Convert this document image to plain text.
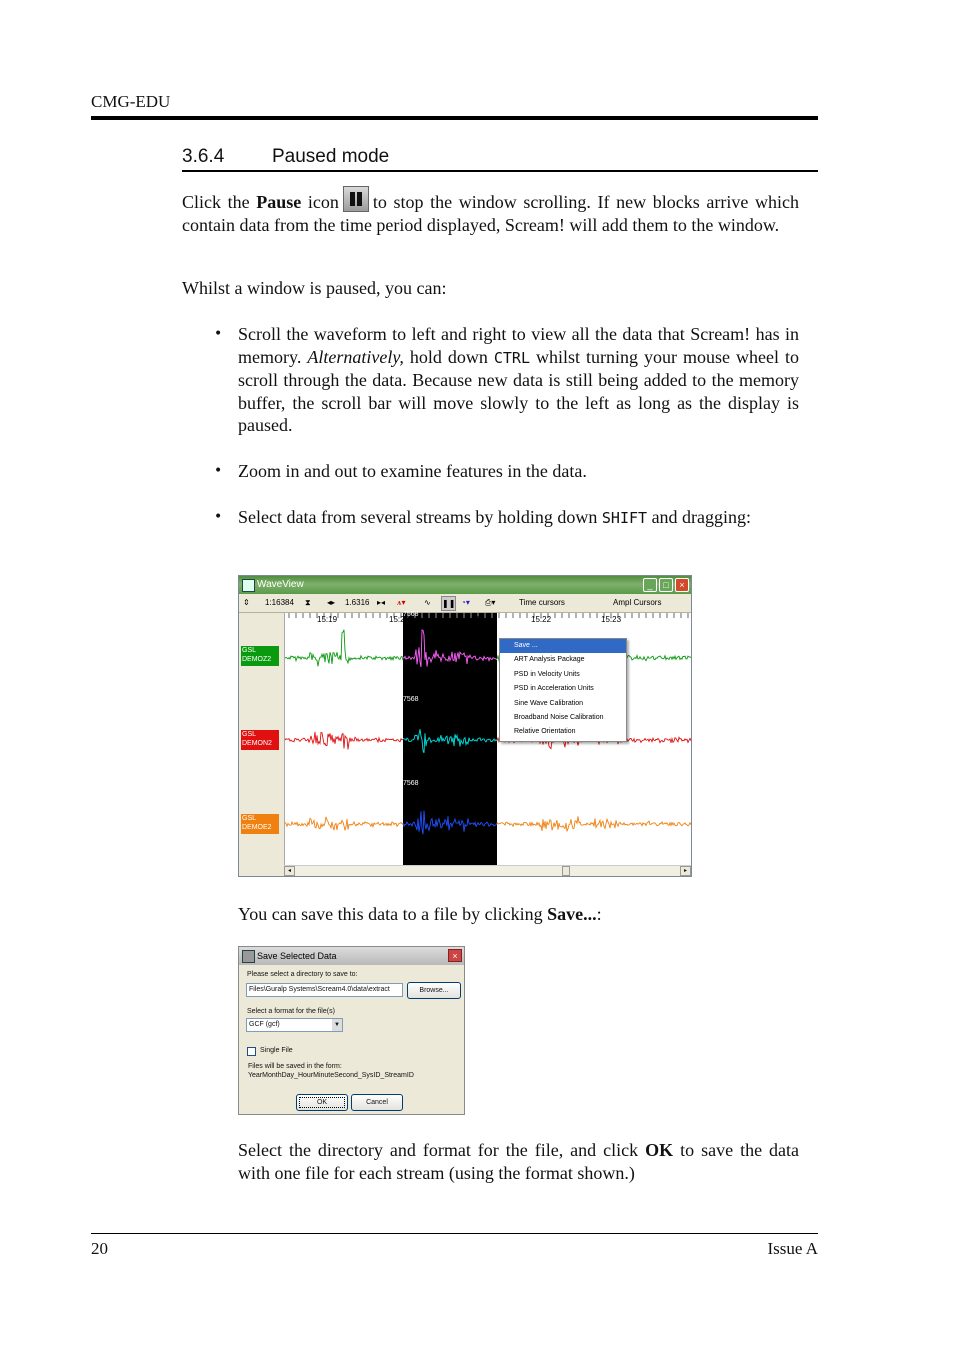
CMG-EDU
3.6.4	Paused mode
Click the Pause icon to stop the window scrolling. If new blocks arrive which contain data from the time period displayed, Scream! will add them to the window.
Whilst a window is paused, you can:
• Scroll the waveform to left and right to view all the data that Scream! has in memory. Alternatively, hold down CTRL whilst turning your mouse wheel to scroll through the data. Because new data is still being added to the memory buffer, the scroll bar will move slowly to the left as long as the display is paused.
• Zoom in and out to examine features in the data.
• Select data from several streams by holding down SHIFT and dragging:
WaveView	_	□	×
⇕ 1:16384 ⧗ ◂▸ 1.6316 ▸◂ ⩚▾ ∿ ❚❚ ◔▾ ⎙▾	Time cursors	Ampl Cursors
GSL
DEMOZ2
GSL
DEMON2
GSL
DEMOE2
15:19	15:20	15:21	15:22	15:23
7568
7568
7568
Save ...
ART Analysis Package
PSD in Velocity Units
PSD in Acceleration Units
Sine Wave Calibration
Broadband Noise Calibration
Relative Orientation
◂	▸
You can save this data to a file by clicking Save...:
Save Selected Data	×
Please select a directory to save to:
Files\Guralp Systems\Scream4.0\data\extract	Browse...
Select a format for the file(s)
GCF (gcf)	▼
Single File
Files will be saved in the form:
YearMonthDay_HourMinuteSecond_SysID_StreamID
OK	Cancel
Select the directory and format for the file, and click OK to save the data with one file for each stream (using the format shown.)
20	Issue A
